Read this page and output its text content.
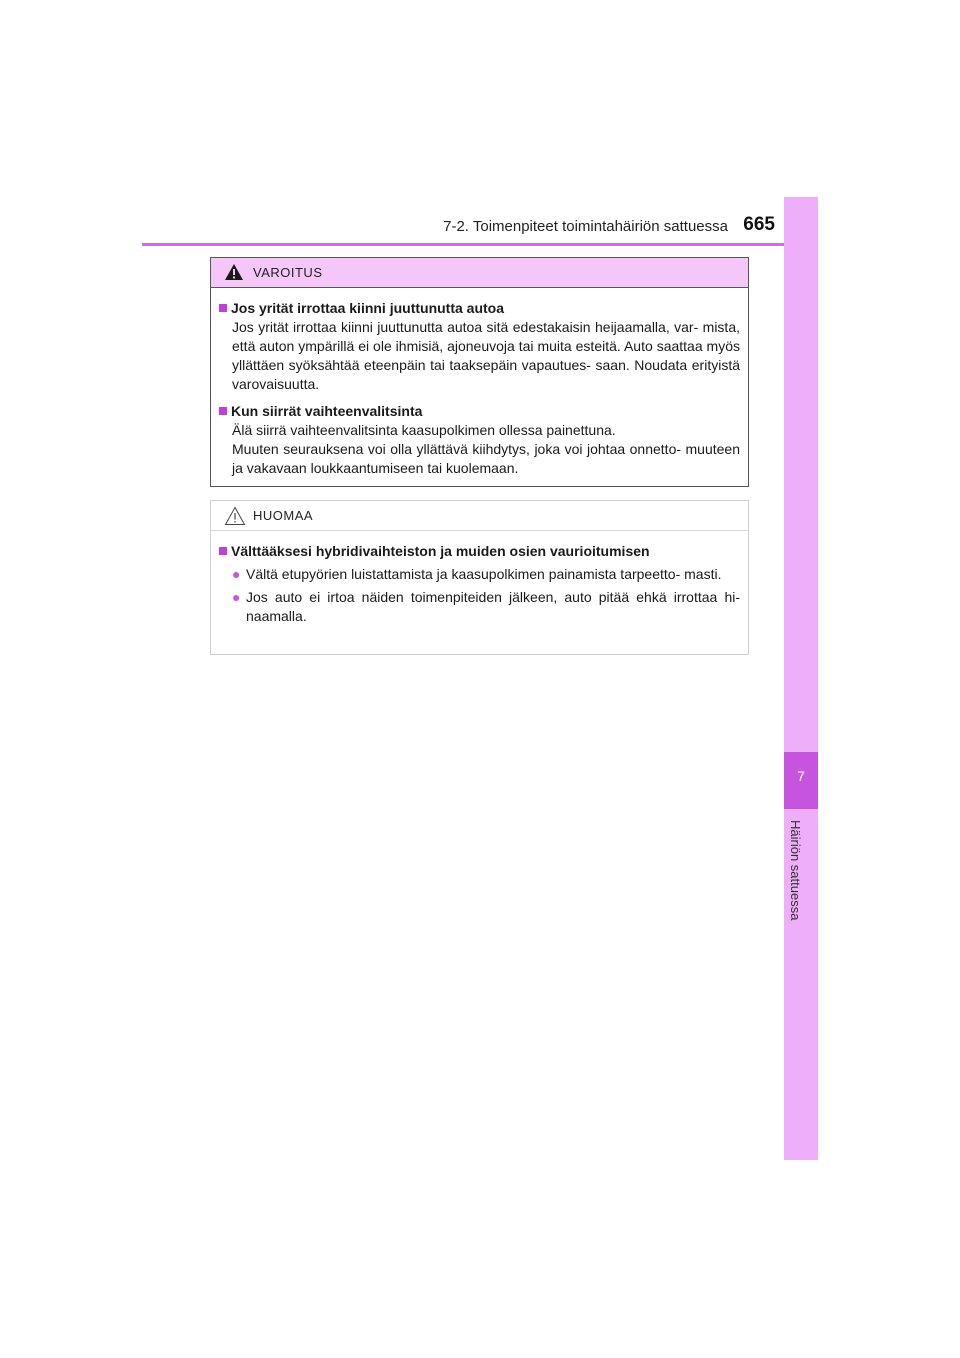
7-2. Toimenpiteet toimintahäiriön sattuessa 665
7
Häiriön sattuessa
VAROITUS
Jos yrität irrottaa kiinni juuttunutta autoa
Jos yrität irrottaa kiinni juuttunutta autoa sitä edestakaisin heijaamalla, var- mista, että auton ympärillä ei ole ihmisiä, ajoneuvoja tai muita esteitä. Auto saattaa myös yllättäen syöksähtää eteenpäin tai taaksepäin vapautues- saan. Noudata erityistä varovaisuutta.
Kun siirrät vaihteenvalitsinta
Älä siirrä vaihteenvalitsinta kaasupolkimen ollessa painettuna.
Muuten seurauksena voi olla yllättävä kiihdytys, joka voi johtaa onnetto- muuteen ja vakavaan loukkaantumiseen tai kuolemaan.
HUOMAA
Välttääksesi hybridivaihteiston ja muiden osien vaurioitumisen
● Vältä etupyörien luistattamista ja kaasupolkimen painamista tarpeetto- masti.
● Jos auto ei irtoa näiden toimenpiteiden jälkeen, auto pitää ehkä irrottaa hi- naamalla.
